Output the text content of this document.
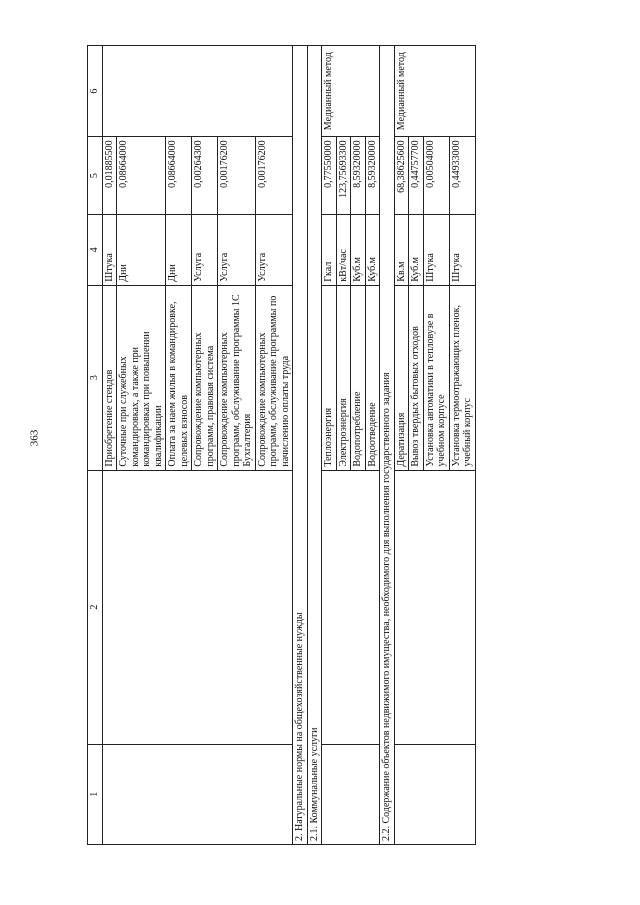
363
1	2	3	4	5	6
		Приобретение стендов	Штука	0,01885500	
		Суточные при служебных командировках, а также при командировках при повышении квалификации	Дни	0,08664000	
		Оплата за наем жилья в командировке, целевых взносов	Дни	0,08664000	
		Сопровождение компьютерных программ, правовая система	Услуга	0,00264300	
		Сопровождение компьютерных программ, обслуживание программы 1С Бухгалтерия	Услуга	0,00176200	
		Сопровождение компьютерных программ, обслуживание программы по начислению оплаты труда	Услуга	0,00176200	
2. Натуральные нормы на общехозяйственные нужды					
2.1. Коммунальные услуги					
		Теплоэнергия	Гкал	0,77550000	Медианный метод
		Электроэнергия	кВт/час	123,75693300	
		Водопотребление	Куб.м	8,59320000	
		Водоотведение	Куб.м	8,59320000	
2.2. Содержание объектов недвижимого имущества, необходимого для выполнения государственного задания					
		Дератизация	Кв.м	68,38625600	Медианный метод
		Вывоз твердых бытовых отходов	Куб.м	0,44757700	
		Установка автоматики в тепловузе в учебном корпусе	Штука	0,00504000	
		Установка термоотражающих пленок, учебный корпус	Штука	0,44933000	
